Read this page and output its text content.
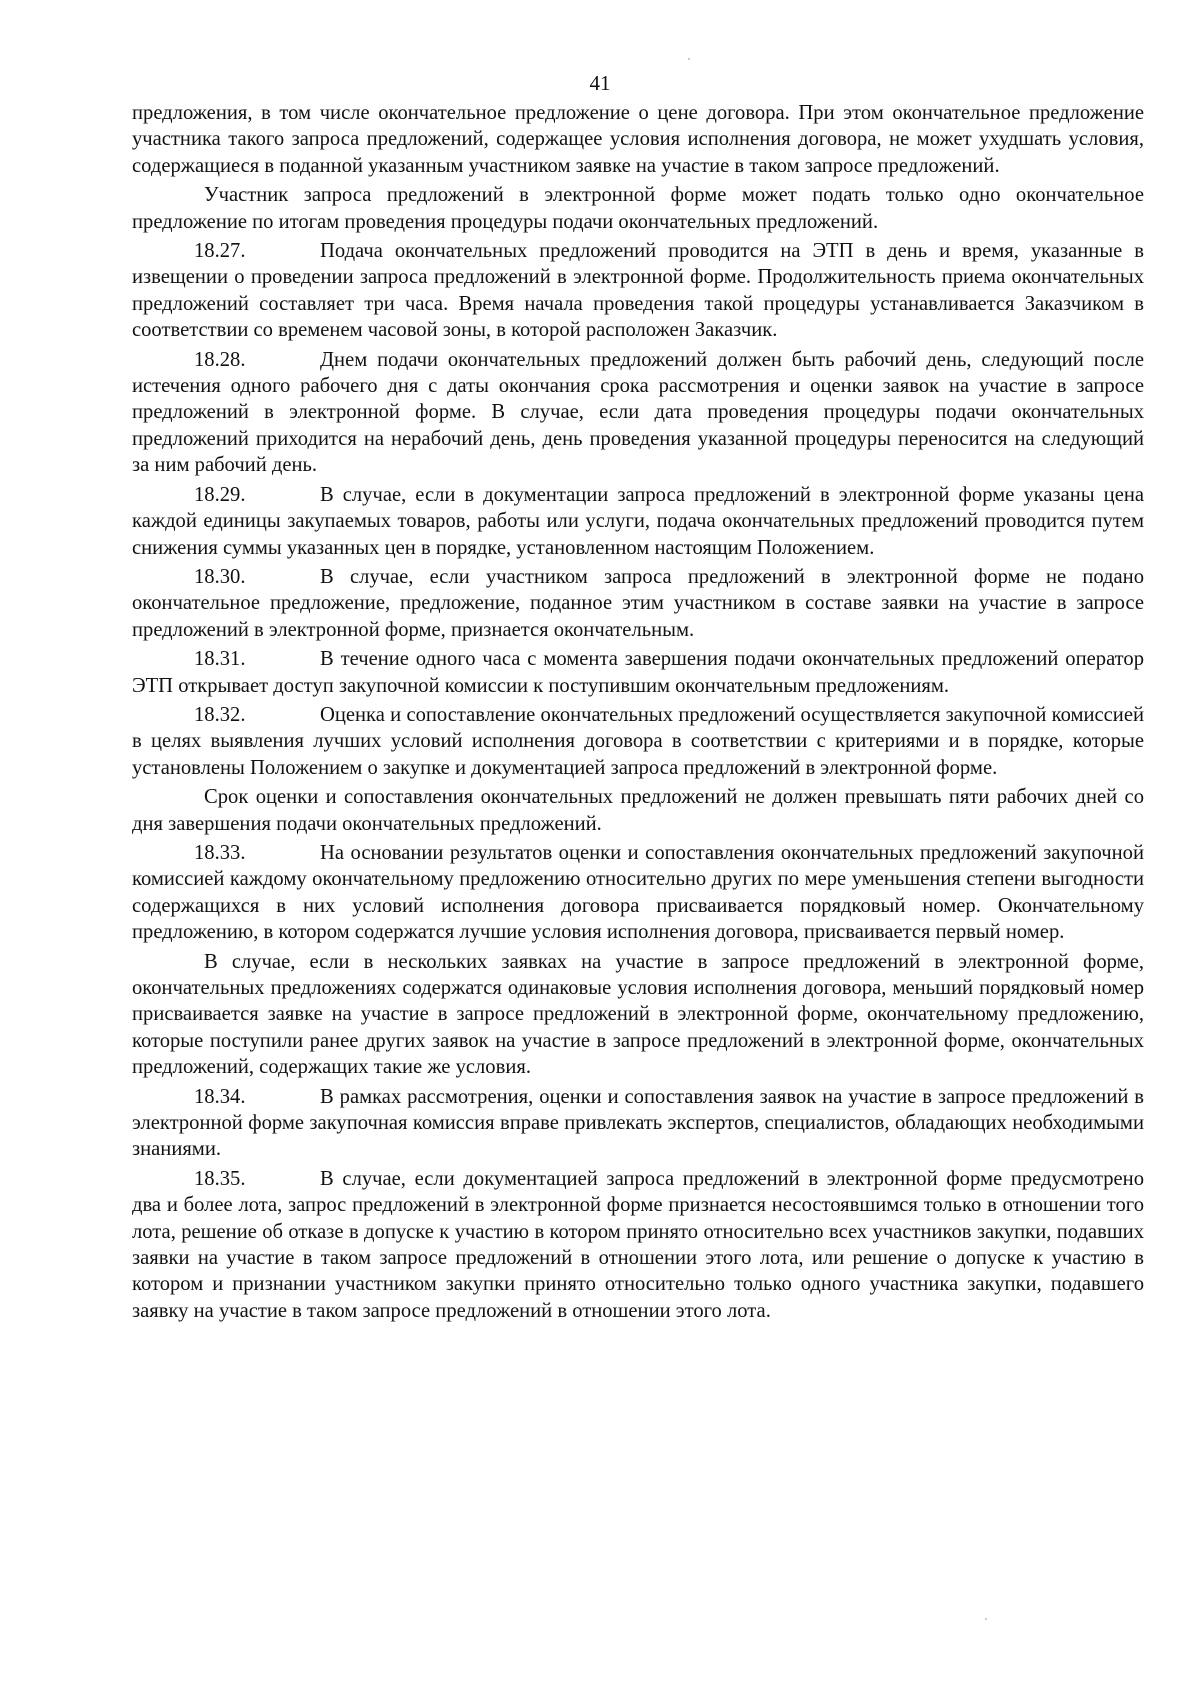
41

предложения, в том числе окончательное предложение о цене договора. При этом окончательное предложение участника такого запроса предложений, содержащее условия исполнения договора, не может ухудшать условия, содержащиеся в поданной указанным участником заявке на участие в таком запросе предложений.

Участник запроса предложений в электронной форме может подать только одно окончательное предложение по итогам проведения процедуры подачи окончательных предложений.

18.27.	Подача окончательных предложений проводится на ЭТП в день и время, указанные в извещении о проведении запроса предложений в электронной форме. Продолжительность приема окончательных предложений составляет три часа. Время начала проведения такой процедуры устанавливается Заказчиком в соответствии со временем часовой зоны, в которой расположен Заказчик.

18.28.	Днем подачи окончательных предложений должен быть рабочий день, следующий после истечения одного рабочего дня с даты окончания срока рассмотрения и оценки заявок на участие в запросе предложений в электронной форме. В случае, если дата проведения процедуры подачи окончательных предложений приходится на нерабочий день, день проведения указанной процедуры переносится на следующий за ним рабочий день.

18.29.	В случае, если в документации запроса предложений в электронной форме указаны цена каждой единицы закупаемых товаров, работы или услуги, подача окончательных предложений проводится путем снижения суммы указанных цен в порядке, установленном настоящим Положением.

18.30.	В случае, если участником запроса предложений в электронной форме не подано окончательное предложение, предложение, поданное этим участником в составе заявки на участие в запросе предложений в электронной форме, признается окончательным.

18.31.	В течение одного часа с момента завершения подачи окончательных предложений оператор ЭТП открывает доступ закупочной комиссии к поступившим окончательным предложениям.

18.32.	Оценка и сопоставление окончательных предложений осуществляется закупочной комиссией в целях выявления лучших условий исполнения договора в соответствии с критериями и в порядке, которые установлены Положением о закупке и документацией запроса предложений в электронной форме.

Срок оценки и сопоставления окончательных предложений не должен превышать пяти рабочих дней со дня завершения подачи окончательных предложений.

18.33.	На основании результатов оценки и сопоставления окончательных предложений закупочной комиссией каждому окончательному предложению относительно других по мере уменьшения степени выгодности содержащихся в них условий исполнения договора присваивается порядковый номер. Окончательному предложению, в котором содержатся лучшие условия исполнения договора, присваивается первый номер.

В случае, если в нескольких заявках на участие в запросе предложений в электронной форме, окончательных предложениях содержатся одинаковые условия исполнения договора, меньший порядковый номер присваивается заявке на участие в запросе предложений в электронной форме, окончательному предложению, которые поступили ранее других заявок на участие в запросе предложений в электронной форме, окончательных предложений, содержащих такие же условия.

18.34.	В рамках рассмотрения, оценки и сопоставления заявок на участие в запросе предложений в электронной форме закупочная комиссия вправе привлекать экспертов, специалистов, обладающих необходимыми знаниями.

18.35.	В случае, если документацией запроса предложений в электронной форме предусмотрено два и более лота, запрос предложений в электронной форме признается несостоявшимся только в отношении того лота, решение об отказе в допуске к участию в котором принято относительно всех участников закупки, подавших заявки на участие в таком запросе предложений в отношении этого лота, или решение о допуске к участию в котором и признании участником закупки принято относительно только одного участника закупки, подавшего заявку на участие в таком запросе предложений в отношении этого лота.
